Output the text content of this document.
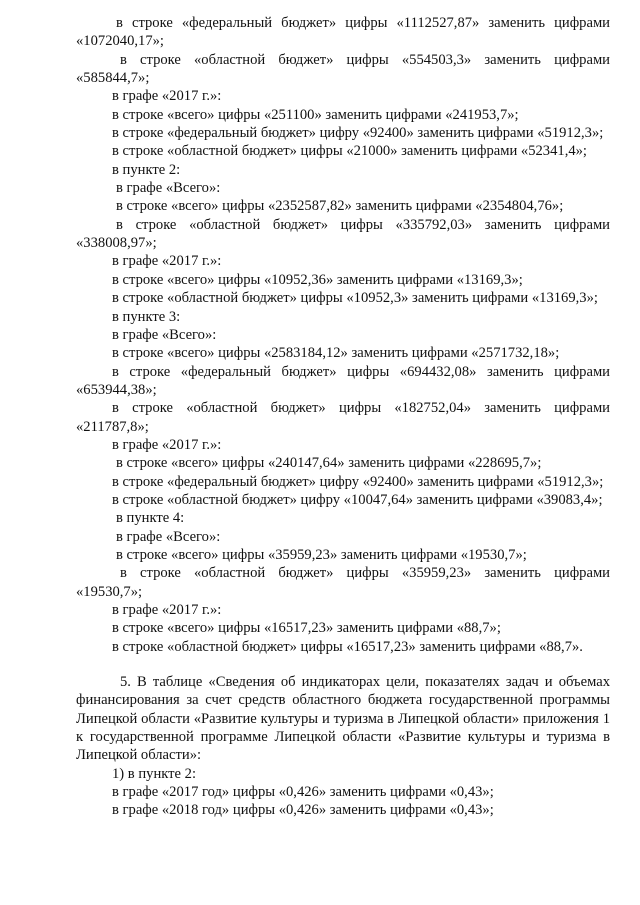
в строке «федеральный бюджет» цифры «1112527,87» заменить цифрами «1072040,17»;

в строке «областной бюджет» цифры «554503,3» заменить цифрами «585844,7»;

в графе «2017 г.»:

в строке «всего» цифры «251100» заменить цифрами «241953,7»;

в строке «федеральный бюджет» цифру «92400» заменить цифрами «51912,3»;

в строке «областной бюджет» цифры «21000» заменить цифрами «52341,4»;

в пункте 2:

в графе «Всего»:

в строке «всего» цифры «2352587,82» заменить цифрами «2354804,76»;

в строке «областной бюджет» цифры «335792,03» заменить цифрами «338008,97»;

в графе «2017 г.»:

в строке «всего» цифры «10952,36» заменить цифрами «13169,3»;

в строке «областной бюджет» цифры «10952,3» заменить цифрами «13169,3»;

в пункте 3:

в графе «Всего»:

в строке «всего» цифры «2583184,12» заменить цифрами «2571732,18»;

в строке «федеральный бюджет» цифры «694432,08» заменить цифрами «653944,38»;

в строке «областной бюджет» цифры «182752,04» заменить цифрами «211787,8»;

в графе «2017 г.»:

в строке «всего» цифры «240147,64» заменить цифрами «228695,7»;

в строке «федеральный бюджет» цифру «92400» заменить цифрами «51912,3»;

в строке «областной бюджет» цифру «10047,64» заменить цифрами «39083,4»;

в пункте 4:

в графе «Всего»:

в строке «всего» цифры «35959,23» заменить цифрами «19530,7»;

в строке «областной бюджет» цифры «35959,23» заменить цифрами «19530,7»;

в графе «2017 г.»:

в строке «всего» цифры «16517,23» заменить цифрами «88,7»;

в строке «областной бюджет» цифры «16517,23» заменить цифрами «88,7».

5. В таблице «Сведения об индикаторах цели, показателях задач и объемах финансирования за счет средств областного бюджета государственной программы Липецкой области «Развитие культуры и туризма в Липецкой области» приложения 1 к государственной программе Липецкой области «Развитие культуры и туризма в Липецкой области»:

1) в пункте 2:

в графе «2017 год» цифры «0,426» заменить цифрами «0,43»;

в графе «2018 год» цифры «0,426» заменить цифрами «0,43»;
